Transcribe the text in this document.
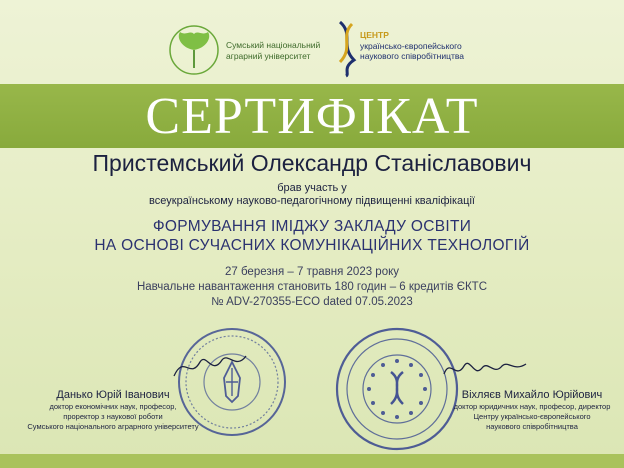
Сумський національний
аграрний університет
ЦЕНТР
українсько-європейського
наукового співробітництва
СЕРТИФІКАТ
Пристемський Олександр Станіславович
брав участь у
всеукраїнському науково-педагогічному підвищенні кваліфікації
ФОРМУВАННЯ ІМІДЖУ ЗАКЛАДУ ОСВІТИ
НА ОСНОВІ СУЧАСНИХ КОМУНІКАЦІЙНИХ ТЕХНОЛОГІЙ
27 березня – 7 травня 2023 року
Навчальне навантаження становить 180 годин – 6 кредитів ЄКТС
№ ADV-270355-ECO dated 07.05.2023
Данько Юрій Іванович
доктор економічних наук, професор,
проректор з наукової роботи
Сумського національного аграрного університету
Віхляєв Михайло Юрійович
доктор юридичних наук, професор, директор
Центру українсько-європейського
наукового співробітництва
